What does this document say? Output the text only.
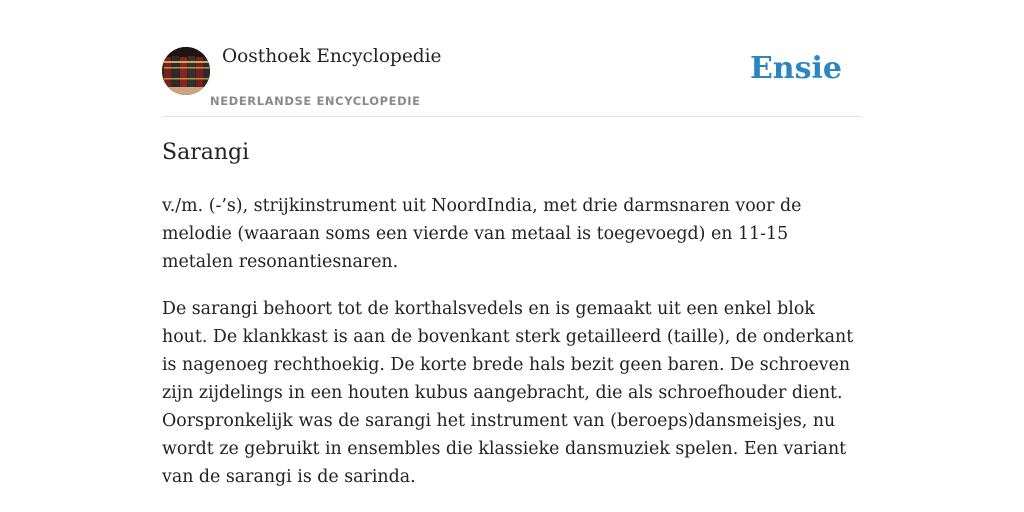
Oosthoek Encyclopedie
NEDERLANDSE ENCYCLOPEDIE
Ensie
Sarangi

v./m. (-’s), strijkinstrument uit NoordIndia, met drie darmsnaren voor de melodie (waaraan soms een vierde van metaal is toegevoegd) en 11-15 metalen resonantiesnaren.

De sarangi behoort tot de korthalsvedels en is gemaakt uit een enkel blok hout. De klankkast is aan de bovenkant sterk getailleerd (taille), de onderkant is nagenoeg rechthoekig. De korte brede hals bezit geen baren. De schroeven zijn zijdelings in een houten kubus aangebracht, die als schroefhouder dient. Oorspronkelijk was de sarangi het instrument van (beroeps)dansmeisjes, nu wordt ze gebruikt in ensembles die klassieke dansmuziek spelen. Een variant van de sarangi is de sarinda.
